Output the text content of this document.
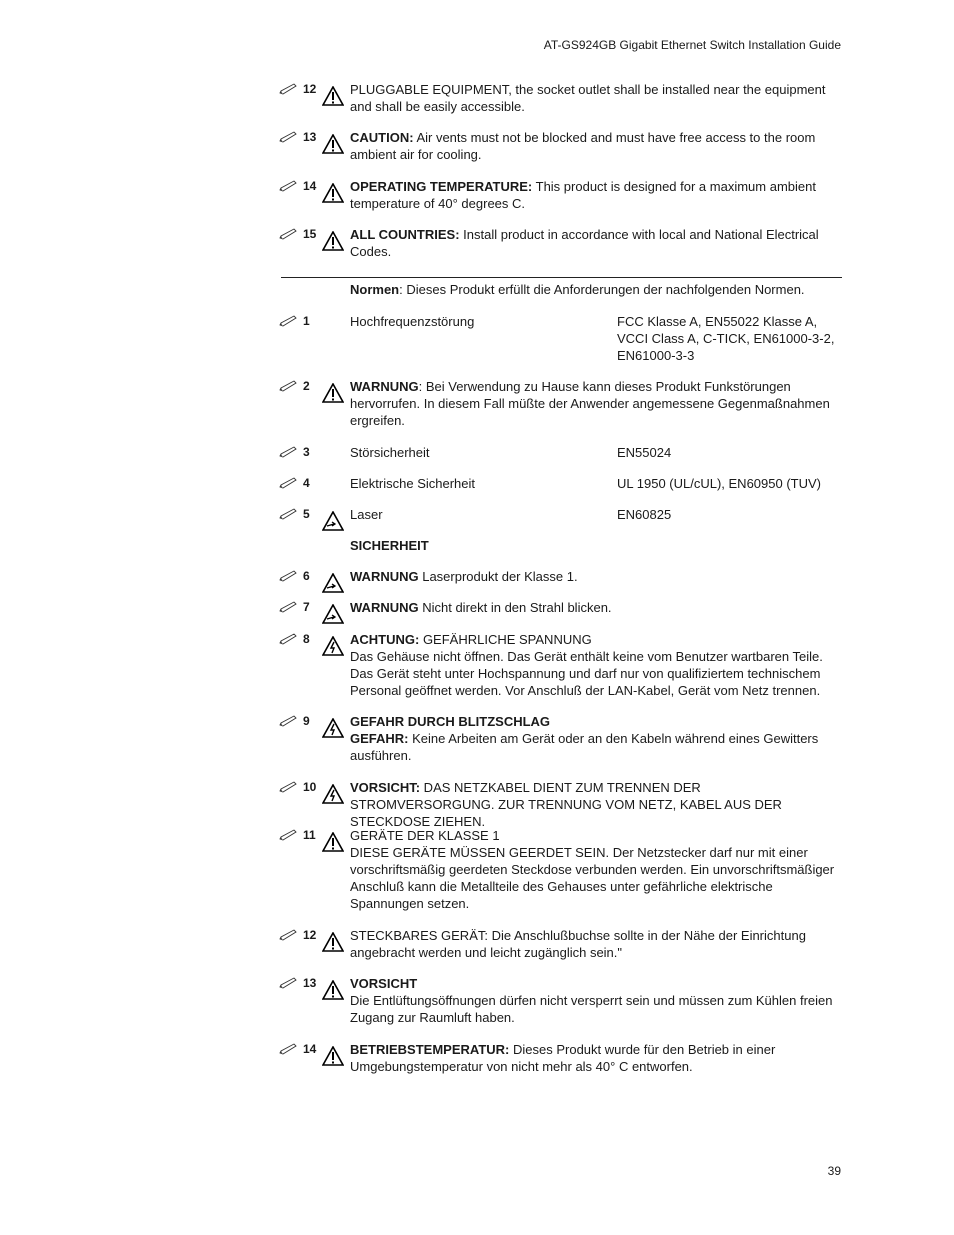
AT-GS924GB Gigabit Ethernet Switch Installation Guide
12	PLUGGABLE EQUIPMENT, the socket outlet shall be installed near the equipment and shall be easily accessible.
13	CAUTION: Air vents must not be blocked and must have free access to the room ambient air for cooling.
14	OPERATING TEMPERATURE: This product is designed for a maximum ambient temperature of 40° degrees C.
15	ALL COUNTRIES: Install product in accordance with local and National Electrical Codes.
Normen: Dieses Produkt erfüllt die Anforderungen der nachfolgenden Normen.
1	Hochfrequenzstörung	FCC Klasse A, EN55022 Klasse A, VCCI Class A, C-TICK, EN61000-3-2, EN61000-3-3
2	WARNUNG: Bei Verwendung zu Hause kann dieses Produkt Funkstörungen hervorrufen. In diesem Fall müßte der Anwender angemessene Gegenmaßnahmen ergreifen.
3	Störsicherheit	EN55024
4	Elektrische Sicherheit	UL 1950 (UL/cUL), EN60950 (TUV)
5	Laser	EN60825
SICHERHEIT
6	WARNUNG Laserprodukt der Klasse 1.
7	WARNUNG Nicht direkt in den Strahl blicken.
8	ACHTUNG: GEFÄHRLICHE SPANNUNG
Das Gehäuse nicht öffnen. Das Gerät enthält keine vom Benutzer wartbaren Teile. Das Gerät steht unter Hochspannung und darf nur von qualifiziertem technischem Personal geöffnet werden. Vor Anschluß der LAN-Kabel, Gerät vom Netz trennen.
9	GEFAHR DURCH BLITZSCHLAG
GEFAHR: Keine Arbeiten am Gerät oder an den Kabeln während eines Gewitters ausführen.
10	VORSICHT: DAS NETZKABEL DIENT ZUM TRENNEN DER STROMVERSORGUNG. ZUR TRENNUNG VOM NETZ, KABEL AUS DER STECKDOSE ZIEHEN.
11	GERÄTE DER KLASSE 1
DIESE GERÄTE MÜSSEN GEERDET SEIN. Der Netzstecker darf nur mit einer vorschriftsmäßig geerdeten Steckdose verbunden werden. Ein unvorschriftsmäßiger Anschluß kann die Metallteile des Gehauses unter gefährliche elektrische Spannungen setzen.
12	STECKBARES GERÄT: Die Anschlußbuchse sollte in der Nähe der Einrichtung angebracht werden und leicht zugänglich sein."
13	VORSICHT
Die Entlüftungsöffnungen dürfen nicht versperrt sein und müssen zum Kühlen freien Zugang zur Raumluft haben.
14	BETRIEBSTEMPERATUR: Dieses Produkt wurde für den Betrieb in einer Umgebungstemperatur von nicht mehr als 40° C entworfen.
39
